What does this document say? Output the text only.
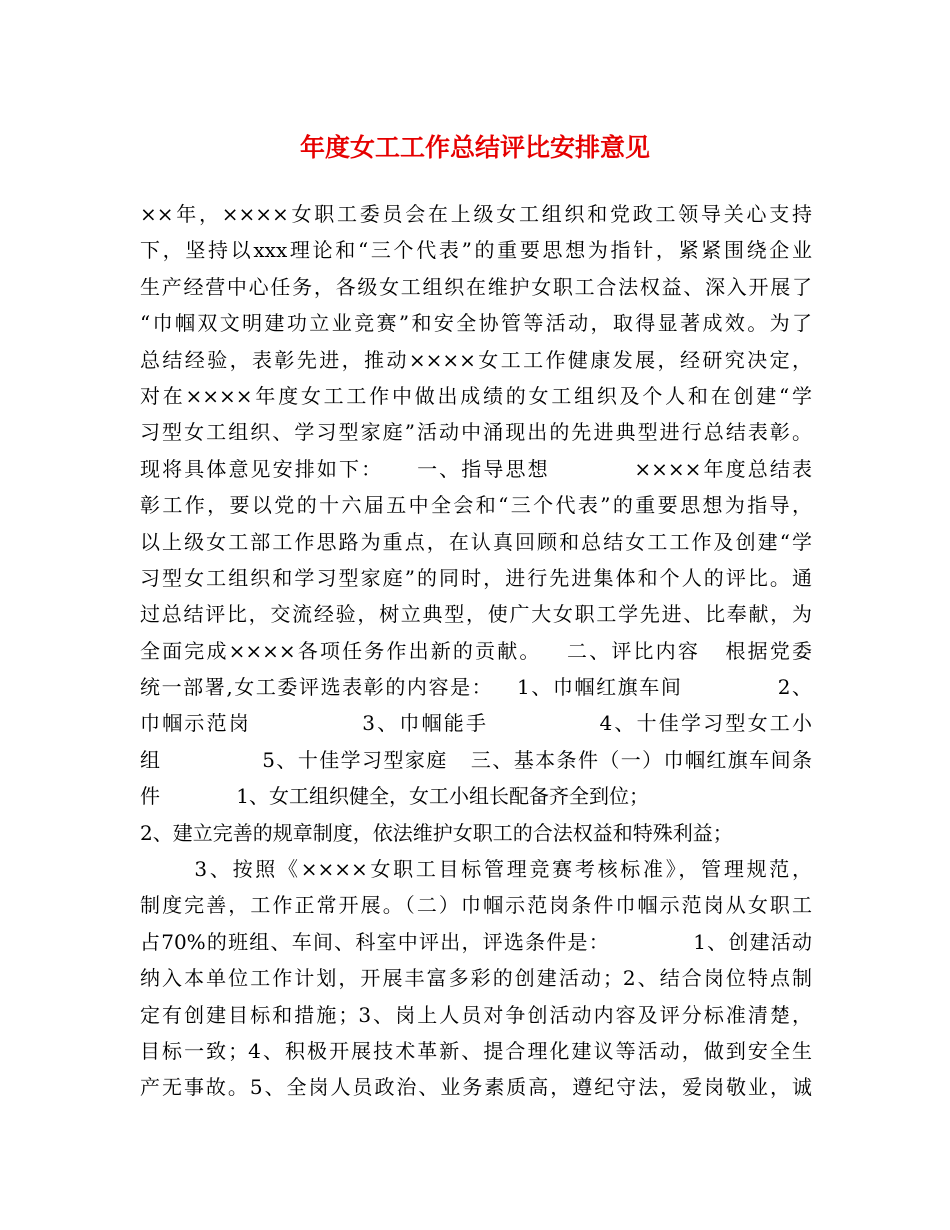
年度女工工作总结评比安排意见
××年，××××女职工委员会在上级女工组织和党政工领导关心支持
下，坚持以xxx理论和“三个代表”的重要思想为指针，紧紧围绕企业
生产经营中心任务，各级女工组织在维护女职工合法权益、深入开展了
“巾帼双文明建功立业竞赛”和安全协管等活动，取得显著成效。为了
总结经验，表彰先进，推动××××女工工作健康发展，经研究决定，
对在××××年度女工工作中做出成绩的女工组织及个人和在创建“学
习型女工组织、学习型家庭”活动中涌现出的先进典型进行总结表彰。
现将具体意见安排如下：    一、指导思想          ××××年度总结表
彰工作，要以党的十六届五中全会和“三个代表”的重要思想为指导，
以上级女工部工作思路为重点，在认真回顾和总结女工工作及创建“学
习型女工组织和学习型家庭”的同时，进行先进集体和个人的评比。通
过总结评比，交流经验，树立典型，使广大女职工学先进、比奉献，为
全面完成××××各项任务作出新的贡献。   二、评比内容   根据党委
统一部署,女工委评选表彰的内容是：   1、巾帼红旗车间            2、
巾帼示范岗             3、巾帼能手             4、十佳学习型女工小
组             5、十佳学习型家庭   三、基本条件（一）巾帼红旗车间条
件            1、女工组织健全，女工小组长配备齐全到位；
2、建立完善的规章制度，依法维护女职工的合法权益和特殊利益；
3、按照《××××女职工目标管理竞赛考核标准》，管理规范，
制度完善，工作正常开展。（二）巾帼示范岗条件巾帼示范岗从女职工
占70%的班组、车间、科室中评出，评选条件是：           1、创建活动
纳入本单位工作计划，开展丰富多彩的创建活动；2、结合岗位特点制
定有创建目标和措施；3、岗上人员对争创活动内容及评分标准清楚，
目标一致；4、积极开展技术革新、提合理化建议等活动，做到安全生
产无事故。5、全岗人员政治、业务素质高，遵纪守法，爱岗敬业，诚
